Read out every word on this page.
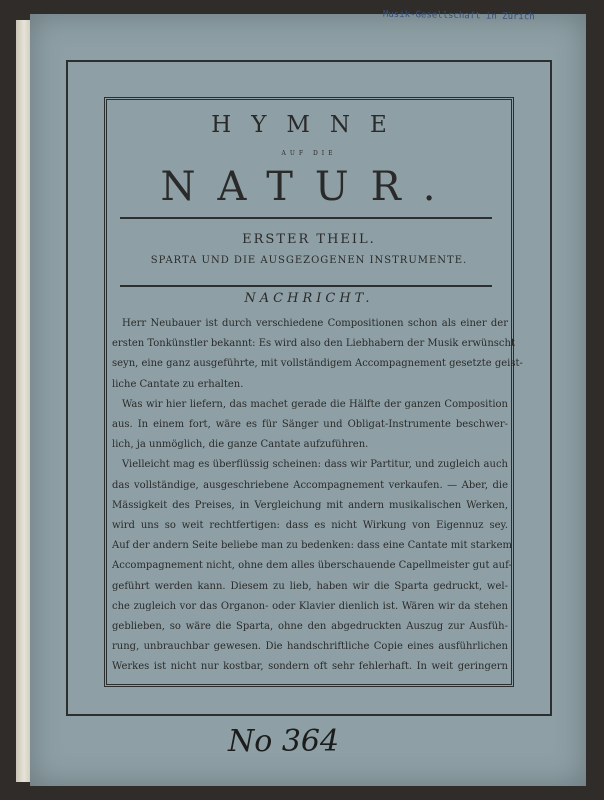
Musik-Gesellschaft in Zürich
HYMNE
AUF DIE
NATUR.
ERSTER THEIL.
SPARTA UND DIE AUSGEZOGENEN INSTRUMENTE.
NACHRICHT.
Herr Neubauer ist durch verschiedene Compositionen schon als einer der
ersten Tonkünstler bekannt: Es wird also den Liebhabern der Musik erwünscht
seyn, eine ganz ausgeführte, mit vollständigem Accompagnement gesetzte geist-
liche Cantate zu erhalten.
Was wir hier liefern, das machet gerade die Hälfte der ganzen Composition
aus. In einem fort, wäre es für Sänger und Obligat-Instrumente beschwer-
lich, ja unmöglich, die ganze Cantate aufzuführen.
Vielleicht mag es überflüssig scheinen: dass wir Partitur, und zugleich auch
das vollständige, ausgeschriebene Accompagnement verkaufen. — Aber, die
Mässigkeit des Preises, in Vergleichung mit andern musikalischen Werken,
wird uns so weit rechtfertigen: dass es nicht Wirkung von Eigennuz sey.
Auf der andern Seite beliebe man zu bedenken: dass eine Cantate mit starkem
Accompagnement nicht, ohne dem alles überschauende Capellmeister gut auf-
geführt werden kann. Diesem zu lieb, haben wir die Sparta gedruckt, wel-
che zugleich vor das Organon- oder Klavier dienlich ist. Wären wir da stehen
geblieben, so wäre die Sparta, ohne den abgedruckten Auszug zur Ausfüh-
rung, unbrauchbar gewesen. Die handschriftliche Copie eines ausführlichen
Werkes ist nicht nur kostbar, sondern oft sehr fehlerhaft. In weit geringern
No 364
